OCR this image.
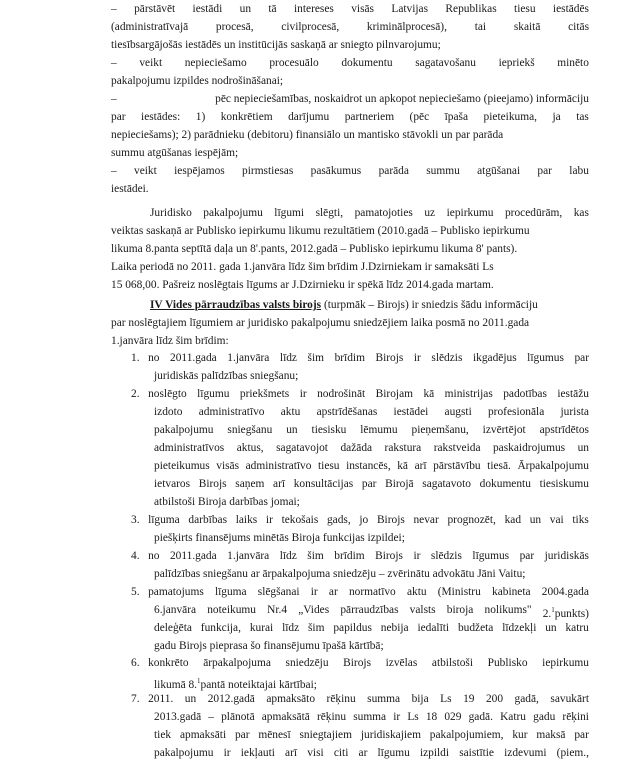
– pārstāvēt iestādi un tā intereses visās Latvijas Republikas tiesu iestādēs
(administratīvajā procesā, civilprocesā, kriminālprocesā), tai skaitā citās
tiesībsargājošās iestādēs un institūcijās saskaņā ar sniegto pilnvarojumu;
– veikt nepieciešamo procesuālo dokumentu sagatavošanu iepriekš minēto
pakalpojumu izpildes nodrošināšanai;
–	pēc nepieciešamības, noskaidrot un apkopot nepieciešamo (pieejamo) informāciju
par iestādes: 1) konkrētiem darījumu partneriem (pēc īpaša pieteikuma, ja tas
nepieciešams); 2) parādnieku (debitoru) finansiālo un mantisko stāvokli un par parāda
summu atgūšanas iespējām;
– veikt iespējamos pirmstiesas pasākumus parāda summu atgūšanai par labu
iestādei.
Juridisko pakalpojumu līgumi slēgti, pamatojoties uz iepirkumu procedūrām, kas
veiktas saskaņā ar Publisko iepirkumu likumu rezultātiem (2010.gadā – Publisko iepirkumu
likuma 8.panta septītā daļa un 8'.pants, 2012.gadā – Publisko iepirkumu likuma 8' pants).
Laika periodā no 2011. gada 1.janvāra līdz šim brīdim J.Dzirniekam ir samaksāti Ls
15 068,00. Pašreiz noslēgtais līgums ar J.Dzirnieku ir spēkā līdz 2014.gada martam.
IV Vides pārraudzības valsts birojs (turpmāk – Birojs) ir sniedzis šādu informāciju
par noslēgtajiem līgumiem ar juridisko pakalpojumu sniedzējiem laika posmā no 2011.gada
1.janvāra līdz šim brīdim:
1.   no 2011.gada 1.janvāra līdz šim brīdim Birojs ir slēdzis ikgadējus līgumus par
juridiskās palīdzības sniegšanu;
2.   noslēgto līgumu priekšmets ir nodrošināt Birojam kā ministrijas padotības iestāžu
izdoto administratīvo aktu apstrīdēšanas iestādei augsti profesionāla jurista
pakalpojumu sniegšanu un tiesisku lēmumu pieņemšanu, izvērtējot apstrīdētos
administratīvos aktus, sagatavojot dažāda rakstura rakstveida paskaidrojumus un
pieteikumus visās administratīvo tiesu instancēs, kā arī pārstāvību tiesā. Ārpakalpojumu
ietvaros Birojs saņem arī konsultācijas par Birojā sagatavoto dokumentu tiesiskumu
atbilstoši Biroja darbības jomai;
3.   līguma darbības laiks ir tekošais gads, jo Birojs nevar prognozēt, kad un vai tiks
piešķirts finansējums minētās Biroja funkcijas izpildei;
4.   no 2011.gada 1.janvāra līdz šim brīdim Birojs ir slēdzis līgumus par juridiskās
palīdzības sniegšanu ar ārpakalpojuma sniedzēju – zvērinātu advokātu Jāni Vaitu;
5.   pamatojums līguma slēgšanai ir ar normatīvo aktu (Ministru kabineta 2004.gada
6.janvāra noteikumu Nr.4 „Vides pārraudzības valsts biroja nolikums" 2.$^1$punkts)
deleģēta funkcija, kurai līdz šim papildus nebija iedalīti budžeta līdzekļi un katru
gadu Birojs pieprasa šo finansējumu īpašā kārtībā;
6.   konkrēto ārpakalpojuma sniedzēju Birojs izvēlas atbilstoši Publisko iepirkumu
likumā 8.$^1$pantā noteiktajai kārtībai;
7.   2011. un 2012.gadā apmaksāto rēķinu summa bija Ls 19 200 gadā, savukārt
2013.gadā – plānotā apmaksātā rēķinu summa ir Ls 18 029 gadā. Katru gadu rēķini
tiek apmaksāti par mēnesī sniegtajiem juridiskajiem pakalpojumiem, kur maksā par
pakalpojumu ir iekļauti arī visi citi ar līgumu izpildi saistītie izdevumi (piem.,
